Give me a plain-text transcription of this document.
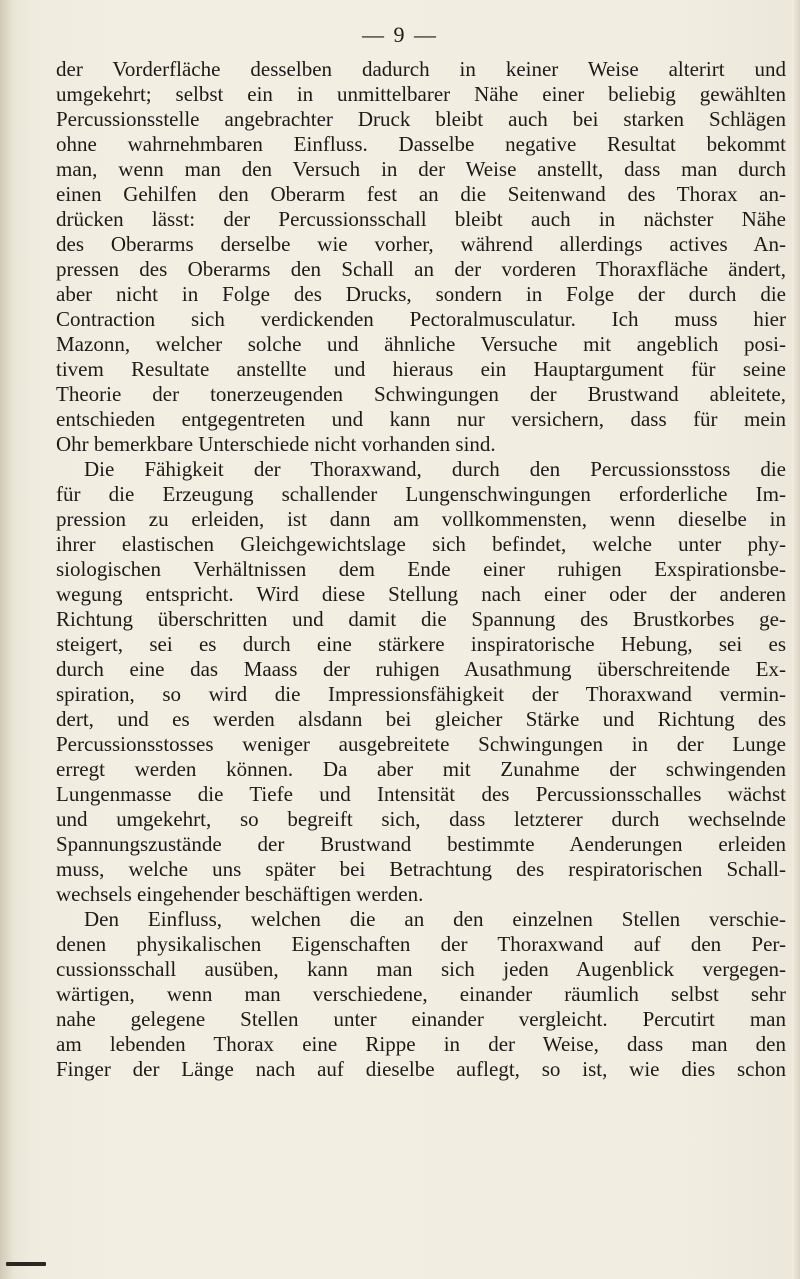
— 9 —
der Vorderfläche desselben dadurch in keiner Weise alterirt und
umgekehrt; selbst ein in unmittelbarer Nähe einer beliebig gewählten
Percussionsstelle angebrachter Druck bleibt auch bei starken Schlägen
ohne wahrnehmbaren Einfluss. Dasselbe negative Resultat bekommt
man, wenn man den Versuch in der Weise anstellt, dass man durch
einen Gehilfen den Oberarm fest an die Seitenwand des Thorax an-
drücken lässt: der Percussionsschall bleibt auch in nächster Nähe
des Oberarms derselbe wie vorher, während allerdings actives An-
pressen des Oberarms den Schall an der vorderen Thoraxfläche ändert,
aber nicht in Folge des Drucks, sondern in Folge der durch die
Contraction sich verdickenden Pectoralmusculatur. Ich muss hier
Mazonn, welcher solche und ähnliche Versuche mit angeblich posi-
tivem Resultate anstellte und hieraus ein Hauptargument für seine
Theorie der tonerzeugenden Schwingungen der Brustwand ableitete,
entschieden entgegentreten und kann nur versichern, dass für mein
Ohr bemerkbare Unterschiede nicht vorhanden sind.
Die Fähigkeit der Thoraxwand, durch den Percussionsstoss die
für die Erzeugung schallender Lungenschwingungen erforderliche Im-
pression zu erleiden, ist dann am vollkommensten, wenn dieselbe in
ihrer elastischen Gleichgewichtslage sich befindet, welche unter phy-
siologischen Verhältnissen dem Ende einer ruhigen Exspirationsbe-
wegung entspricht. Wird diese Stellung nach einer oder der anderen
Richtung überschritten und damit die Spannung des Brustkorbes ge-
steigert, sei es durch eine stärkere inspiratorische Hebung, sei es
durch eine das Maass der ruhigen Ausathmung überschreitende Ex-
spiration, so wird die Impressionsfähigkeit der Thoraxwand vermin-
dert, und es werden alsdann bei gleicher Stärke und Richtung des
Percussionsstosses weniger ausgebreitete Schwingungen in der Lunge
erregt werden können. Da aber mit Zunahme der schwingenden
Lungenmasse die Tiefe und Intensität des Percussionsschalles wächst
und umgekehrt, so begreift sich, dass letzterer durch wechselnde
Spannungszustände der Brustwand bestimmte Aenderungen erleiden
muss, welche uns später bei Betrachtung des respiratorischen Schall-
wechsels eingehender beschäftigen werden.
Den Einfluss, welchen die an den einzelnen Stellen verschie-
denen physikalischen Eigenschaften der Thoraxwand auf den Per-
cussionsschall ausüben, kann man sich jeden Augenblick vergegen-
wärtigen, wenn man verschiedene, einander räumlich selbst sehr
nahe gelegene Stellen unter einander vergleicht. Percutirt man
am lebenden Thorax eine Rippe in der Weise, dass man den
Finger der Länge nach auf dieselbe auflegt, so ist, wie dies schon
